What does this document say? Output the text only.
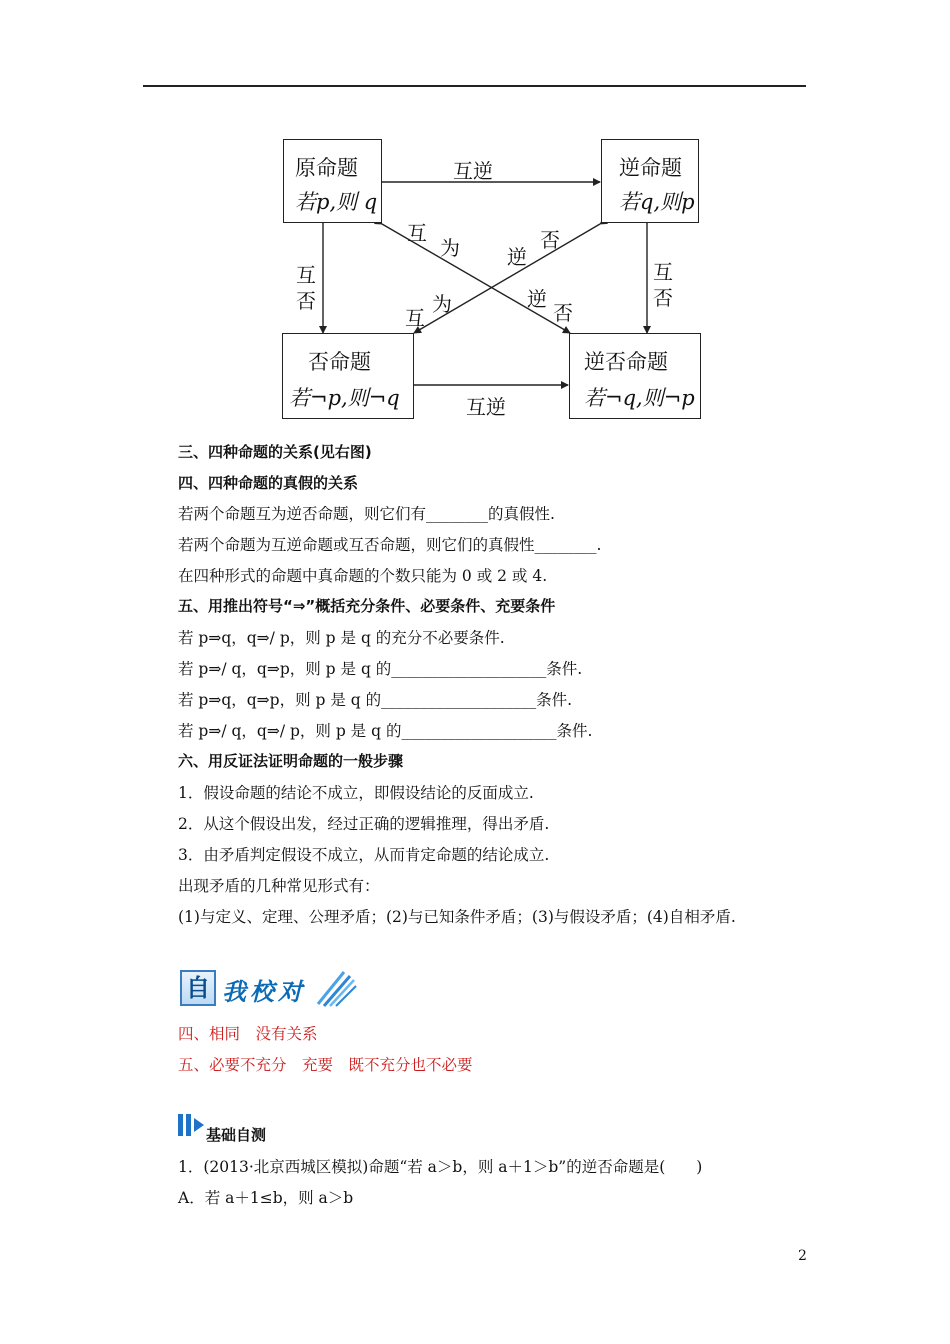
原命题
若p,则 q
逆命题
若q,则p
否命题
若¬p,则¬q
逆否命题
若¬q,则¬p
互逆
互逆
互
否
互
否
互
为
逆
否
否
逆
为
互
三、四种命题的关系(见右图)
四、四种命题的真假的关系
若两个命题互为逆否命题，则它们有________的真假性.
若两个命题为互逆命题或互否命题，则它们的真假性________.
在四种形式的命题中真命题的个数只能为 0 或 2 或 4.
五、用推出符号“⇒”概括充分条件、必要条件、充要条件
若 p⇒q，q⇒/ p，则 p 是 q 的充分不必要条件.
若 p⇒/ q，q⇒p，则 p 是 q 的____________________条件.
若 p⇒q，q⇒p，则 p 是 q 的____________________条件.
若 p⇒/ q，q⇒/ p，则 p 是 q 的____________________条件.
六、用反证法证明命题的一般步骤
1．假设命题的结论不成立，即假设结论的反面成立.
2．从这个假设出发，经过正确的逻辑推理，得出矛盾.
3．由矛盾判定假设不成立，从而肯定命题的结论成立.
出现矛盾的几种常见形式有：
(1)与定义、定理、公理矛盾；(2)与已知条件矛盾；(3)与假设矛盾；(4)自相矛盾.
自 我校对
四、相同　没有关系
五、必要不充分　充要　既不充分也不必要
基础自测
1．(2013·北京西城区模拟)命题“若 a＞b，则 a＋1＞b”的逆否命题是(　　)
A．若 a＋1≤b，则 a＞b
2
